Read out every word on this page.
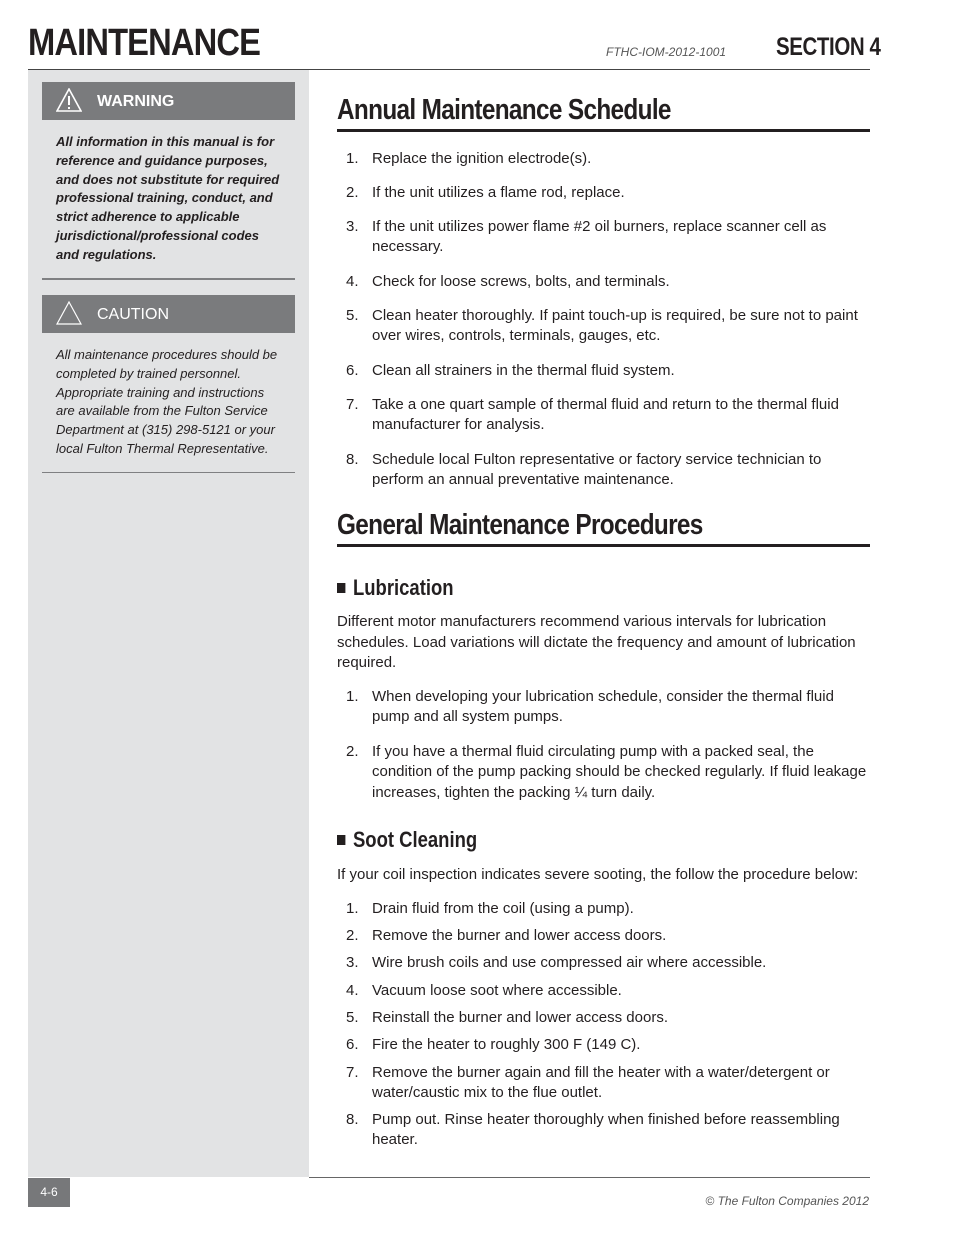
MAINTENANCE	FTHC-IOM-2012-1001 SECTION 4
WARNING

All information in this manual is for reference and guidance purposes, and does not substitute for required professional training, conduct, and strict adherence to applicable jurisdictional/professional codes and regulations.

CAUTION

All maintenance procedures should be completed by trained personnel. Appropriate training and instructions are available from the Fulton Service Department at (315) 298-5121 or your local Fulton Thermal Representative.

Annual Maintenance Schedule
1. Replace the ignition electrode(s).
2. If the unit utilizes a flame rod, replace.
3. If the unit utilizes power flame #2 oil burners, replace scanner cell as necessary.
4. Check for loose screws, bolts, and terminals.
5. Clean heater thoroughly. If paint touch-up is required, be sure not to paint over wires, controls, terminals, gauges, etc.
6. Clean all strainers in the thermal fluid system.
7. Take a one quart sample of thermal fluid and return to the thermal fluid manufacturer for analysis.
8. Schedule local Fulton representative or factory service technician to perform an annual preventative maintenance.
General Maintenance Procedures
Lubrication

Different motor manufacturers recommend various intervals for lubrication schedules. Load variations will dictate the frequency and amount of lubrication required.

1. When developing your lubrication schedule, consider the thermal fluid pump and all system pumps.
2. If you have a thermal fluid circulating pump with a packed seal, the condition of the pump packing should be checked regularly. If fluid leakage increases, tighten the packing ¼ turn daily.
Soot Cleaning

If your coil inspection indicates severe sooting, the follow the procedure below:

1. Drain fluid from the coil (using a pump).
2. Remove the burner and lower access doors.
3. Wire brush coils and use compressed air where accessible.
4. Vacuum loose soot where accessible.
5. Reinstall the burner and lower access doors.
6. Fire the heater to roughly 300 F (149 C).
7. Remove the burner again and fill the heater with a water/detergent or water/caustic mix to the flue outlet.
8. Pump out. Rinse heater thoroughly when finished before reassembling heater.
4-6
© The Fulton Companies 2012
